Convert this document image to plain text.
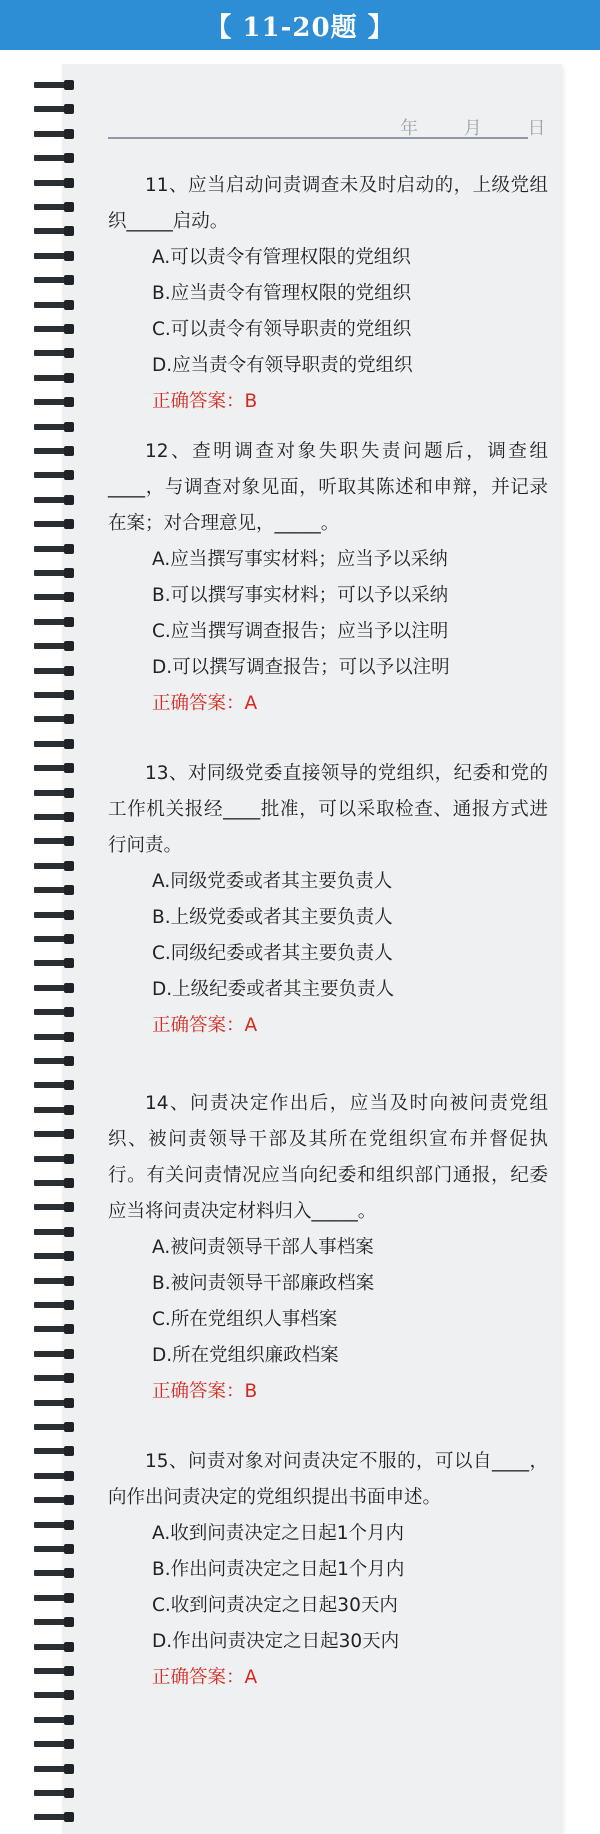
【 11-20题 】
年 月 日
11、应当启动问责调查未及时启动的，上级党组织_____启动。
A.可以责令有管理权限的党组织
B.应当责令有管理权限的党组织
C.可以责令有领导职责的党组织
D.应当责令有领导职责的党组织
正确答案：B
12、查明调查对象失职失责问题后，调查组____，与调查对象见面，听取其陈述和申辩，并记录在案；对合理意见，_____。
A.应当撰写事实材料；应当予以采纳
B.可以撰写事实材料；可以予以采纳
C.应当撰写调查报告；应当予以注明
D.可以撰写调查报告；可以予以注明
正确答案：A
13、对同级党委直接领导的党组织，纪委和党的工作机关报经____批准，可以采取检查、通报方式进行问责。
A.同级党委或者其主要负责人
B.上级党委或者其主要负责人
C.同级纪委或者其主要负责人
D.上级纪委或者其主要负责人
正确答案：A
14、问责决定作出后，应当及时向被问责党组织、被问责领导干部及其所在党组织宣布并督促执行。有关问责情况应当向纪委和组织部门通报，纪委应当将问责决定材料归入_____。
A.被问责领导干部人事档案
B.被问责领导干部廉政档案
C.所在党组织人事档案
D.所在党组织廉政档案
正确答案：B
15、问责对象对问责决定不服的，可以自____，向作出问责决定的党组织提出书面申述。
A.收到问责决定之日起1个月内
B.作出问责决定之日起1个月内
C.收到问责决定之日起30天内
D.作出问责决定之日起30天内
正确答案：A
